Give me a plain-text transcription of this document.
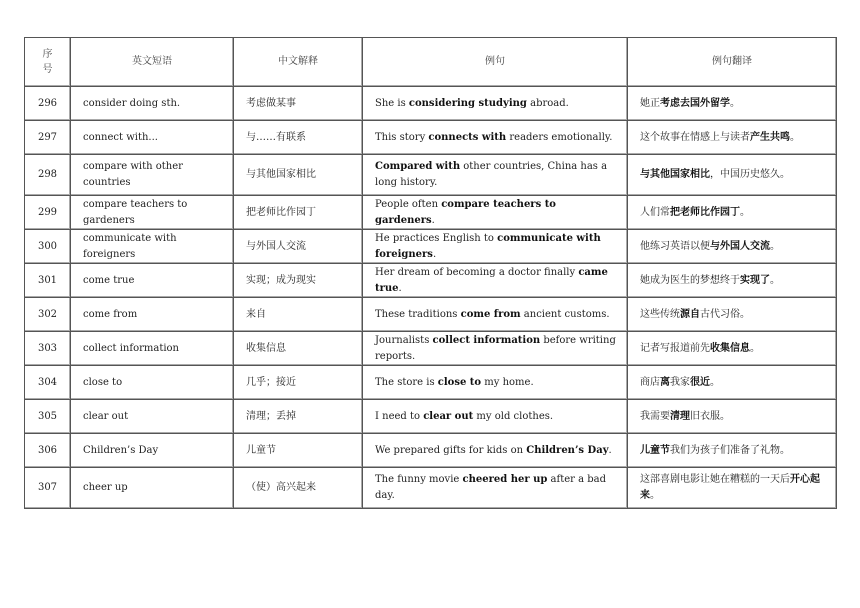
序号	英文短语	中文解释	例句	例句翻译
296	consider doing sth.	考虑做某事	She is considering studying abroad.	她正考虑去国外留学。
297	connect with...	与……有联系	This story connects with readers emotionally.	这个故事在情感上与读者产生共鸣。
298	compare with other countries	与其他国家相比	Compared with other countries, China has a long history.	与其他国家相比，中国历史悠久。
299	compare teachers to gardeners	把老师比作园丁	People often compare teachers to gardeners.	人们常把老师比作园丁。
300	communicate with foreigners	与外国人交流	He practices English to communicate with foreigners.	他练习英语以便与外国人交流。
301	come true	实现；成为现实	Her dream of becoming a doctor finally came true.	她成为医生的梦想终于实现了。
302	come from	来自	These traditions come from ancient customs.	这些传统源自古代习俗。
303	collect information	收集信息	Journalists collect information before writing reports.	记者写报道前先收集信息。
304	close to	几乎；接近	The store is close to my home.	商店离我家很近。
305	clear out	清理；丢掉	I need to clear out my old clothes.	我需要清理旧衣服。
306	Children’s Day	儿童节	We prepared gifts for kids on Children’s Day.	儿童节我们为孩子们准备了礼物。
307	cheer up	（使）高兴起来	The funny movie cheered her up after a bad day.	这部喜剧电影让她在糟糕的一天后开心起来。
